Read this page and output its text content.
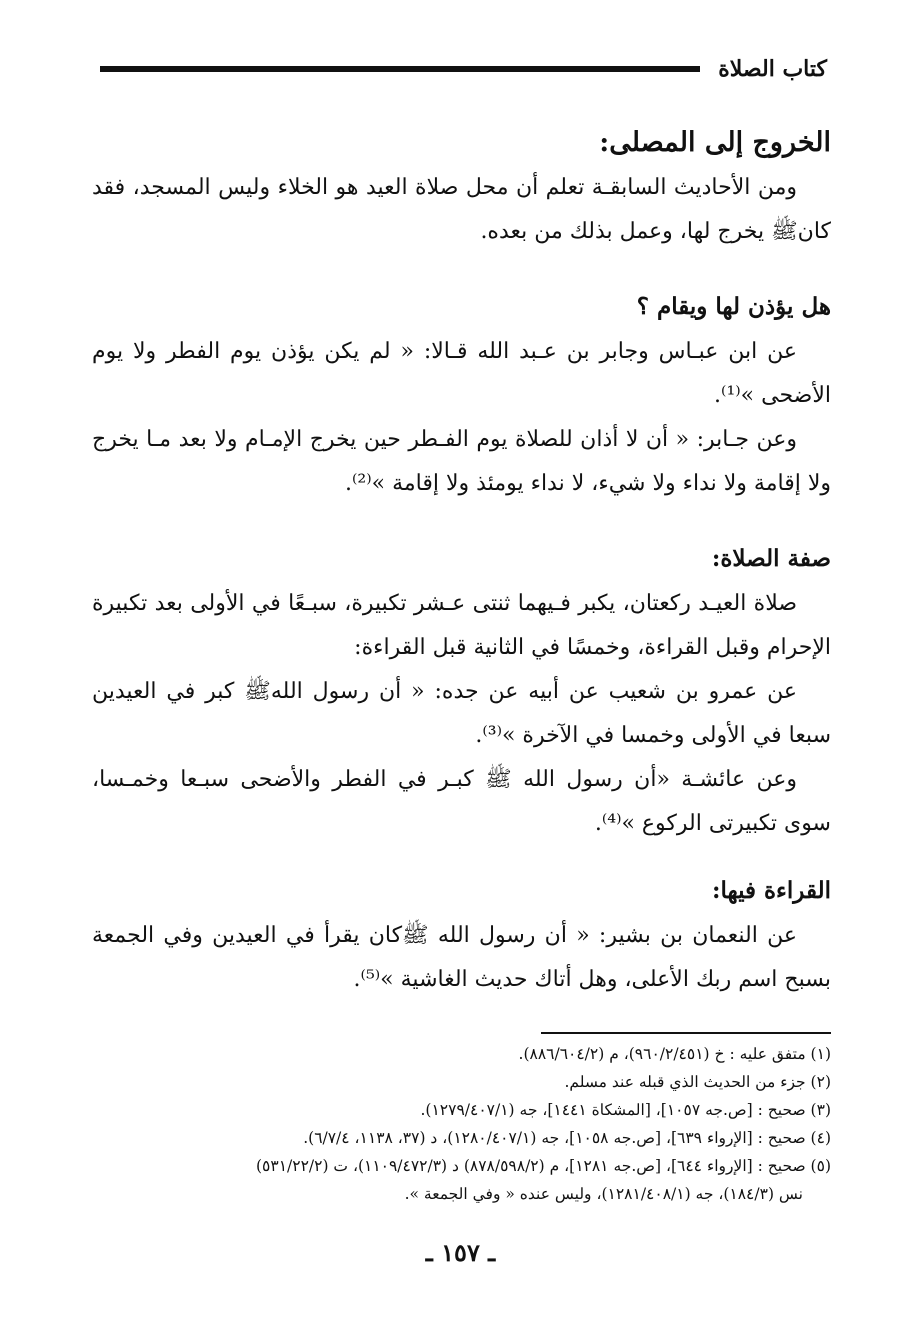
كتاب الصلاة
الخروج إلى المصلى:

ومن الأحاديث السابقـة تعلم أن محل صلاة العيد هو الخلاء وليس المسجد، فقد كانﷺ يخرج لها، وعمل بذلك من بعده.

هل يؤذن لها ويقام ؟

عن ابن عبـاس وجابر بن عـبد الله قـالا: « لم يكن يؤذن يوم الفطر ولا يوم الأضحى »⁽¹⁾.

وعن جـابر: « أن لا أذان للصلاة يوم الفـطر حين يخرج الإمـام ولا بعد مـا يخرج ولا إقامة ولا نداء ولا شيء، لا نداء يومئذ ولا إقامة »⁽²⁾.

صفة الصلاة:

صلاة العيـد ركعتان، يكبر فـيهما ثنتى عـشر تكبيرة، سبـعًا في الأولى بعد تكبيرة الإحرام وقبل القراءة، وخمسًا في الثانية قبل القراءة:

عن عمرو بن شعيب عن أبيه عن جده: « أن رسول اللهﷺ كبر في العيدين سبعا في الأولى وخمسا في الآخرة »⁽³⁾.

وعن عائشـة «أن رسول الله ﷺ كبـر في الفطر والأضحى سبـعا وخمـسا، سوى تكبيرتى الركوع »⁽⁴⁾.

القراءة فيها:

عن النعمان بن بشير: « أن رسول الله ﷺكان يقرأ في العيدين وفي الجمعة بسبح اسم ربك الأعلى، وهل أتاك حديث الغاشية »⁽⁵⁾.

(١) متفق عليه : خ (٩٦٠/٢/٤٥١)، م (٨٨٦/٦٠٤/٢).

(٢) جزء من الحديث الذي قبله عند مسلم.

(٣) صحيح : [ص.جه ١٠٥٧]، [المشكاة ١٤٤١]، جه (١٢٧٩/٤٠٧/١).

(٤) صحيح : [الإرواء ٦٣٩]، [ص.جه ١٠٥٨]، جه (١٢٨٠/٤٠٧/١)، د (٣٧، ١١٣٨، ٦/٧/٤).

(٥) صحيح : [الإرواء ٦٤٤]، [ص.جه ١٢٨١]، م (٨٧٨/٥٩٨/٢) د (١١٠٩/٤٧٢/٣)، ت (٥٣١/٢٢/٢)

نس (١٨٤/٣)، جه (١٢٨١/٤٠٨/١)، وليس عنده « وفي الجمعة ».

ـ ١٥٧ ـ
